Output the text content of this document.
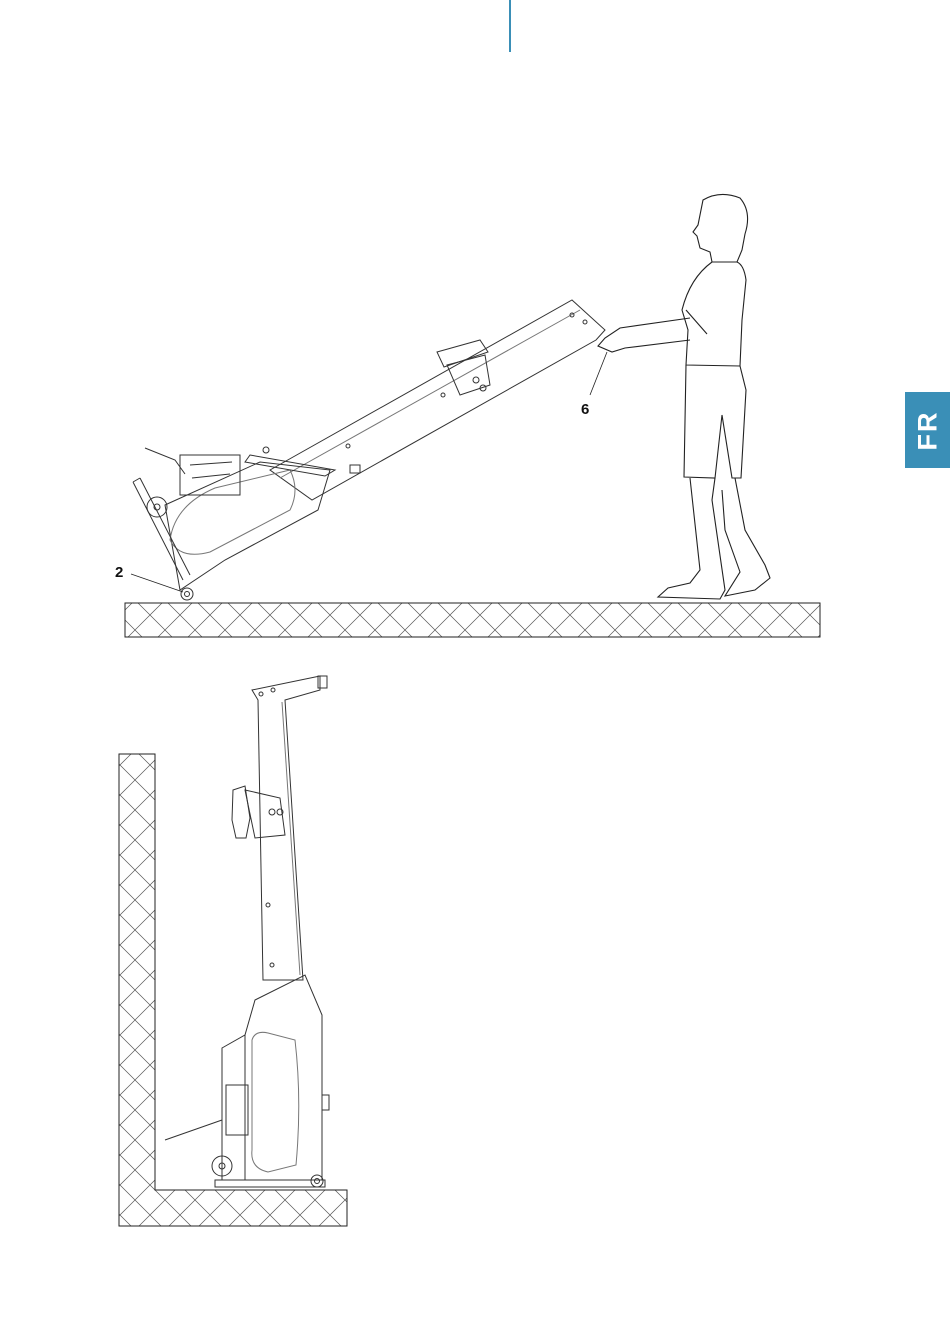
FR
2
6
